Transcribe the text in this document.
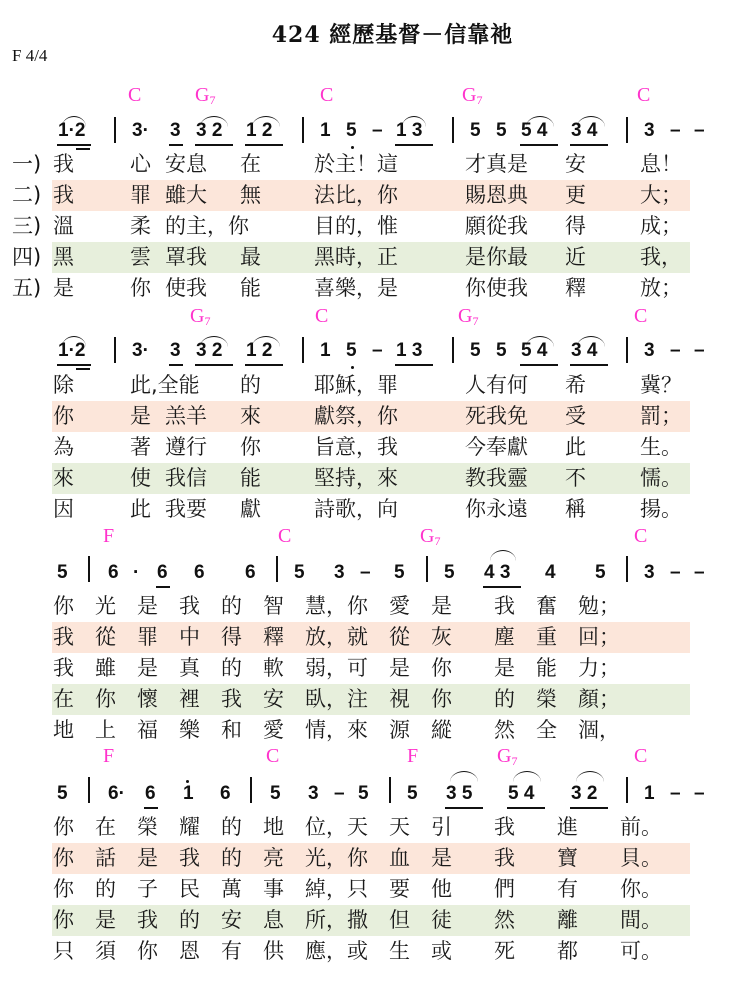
424 經歷基督－信靠祂
F 4/4
C	$G_7$	C	$G_7$	C
1·2 3· 3 3 2 1 2	1 5 – 1 3	5 5 5 4 3 4 3 – –
一)
二)
三)
四)
五)
我	心 安息 在	於主！這	才真是 安	息！
我	罪 雖大 無	法比，你	賜恩典 更	大；
溫	柔 的主，你	目的，惟	願從我 得	成；
黑	雲 罩我 最	黑時，正	是你最 近	我，
是	你 使我 能	喜樂，是	你使我 釋	放；
$G_7$	C	$G_7$	C
1·2 3· 3 3 2 1 2	1 5 – 1 3	5 5 5 4 3 4 3 – –
除	此,全能 的	耶穌，罪	人有何 希	冀？
你	是 羔羊 來	獻祭，你	死我免 受	罰；
為	著 遵行 你	旨意，我	今奉獻 此	生。
來	使 我信 能	堅持，來	教我靈 不	懦。
因	此 我要 獻	詩歌，向	你永遠 稱	揚。
F	C	$G_7$	C
5 6 · 6 6 6 5 3 – 5 5 4 3 4 5 3 – –
你　光　是　我　的　智　慧，你　愛　是　　我　奮　勉；
我　從　罪　中　得　釋　放，就　從　灰　　塵　重　回；
我　雖　是　真　的　軟　弱，可　是　你　　是　能　力；
在　你　懷　裡　我　安　臥，注　視　你　　的　榮　顏；
地　上　福　樂　和　愛　情，來　源　縱　　然　全　涸，
F	C	F	$G_7$	C
5 6· 6 1 6 5 3 – 5 5 3 5 5 4 3 2 1 – –
你　在　榮　耀　的　地　位，天　天　引　　我　　進　　前。
你　話　是　我　的　亮　光，你　血　是　　我　　寶　　貝。
你　的　子　民　萬　事　綽，只　要　他　　們　　有　　你。
你　是　我　的　安　息　所，撒　但　徒　　然　　離　　間。
只　須　你　恩　有　供　應，或　生　或　　死　　都　　可。
